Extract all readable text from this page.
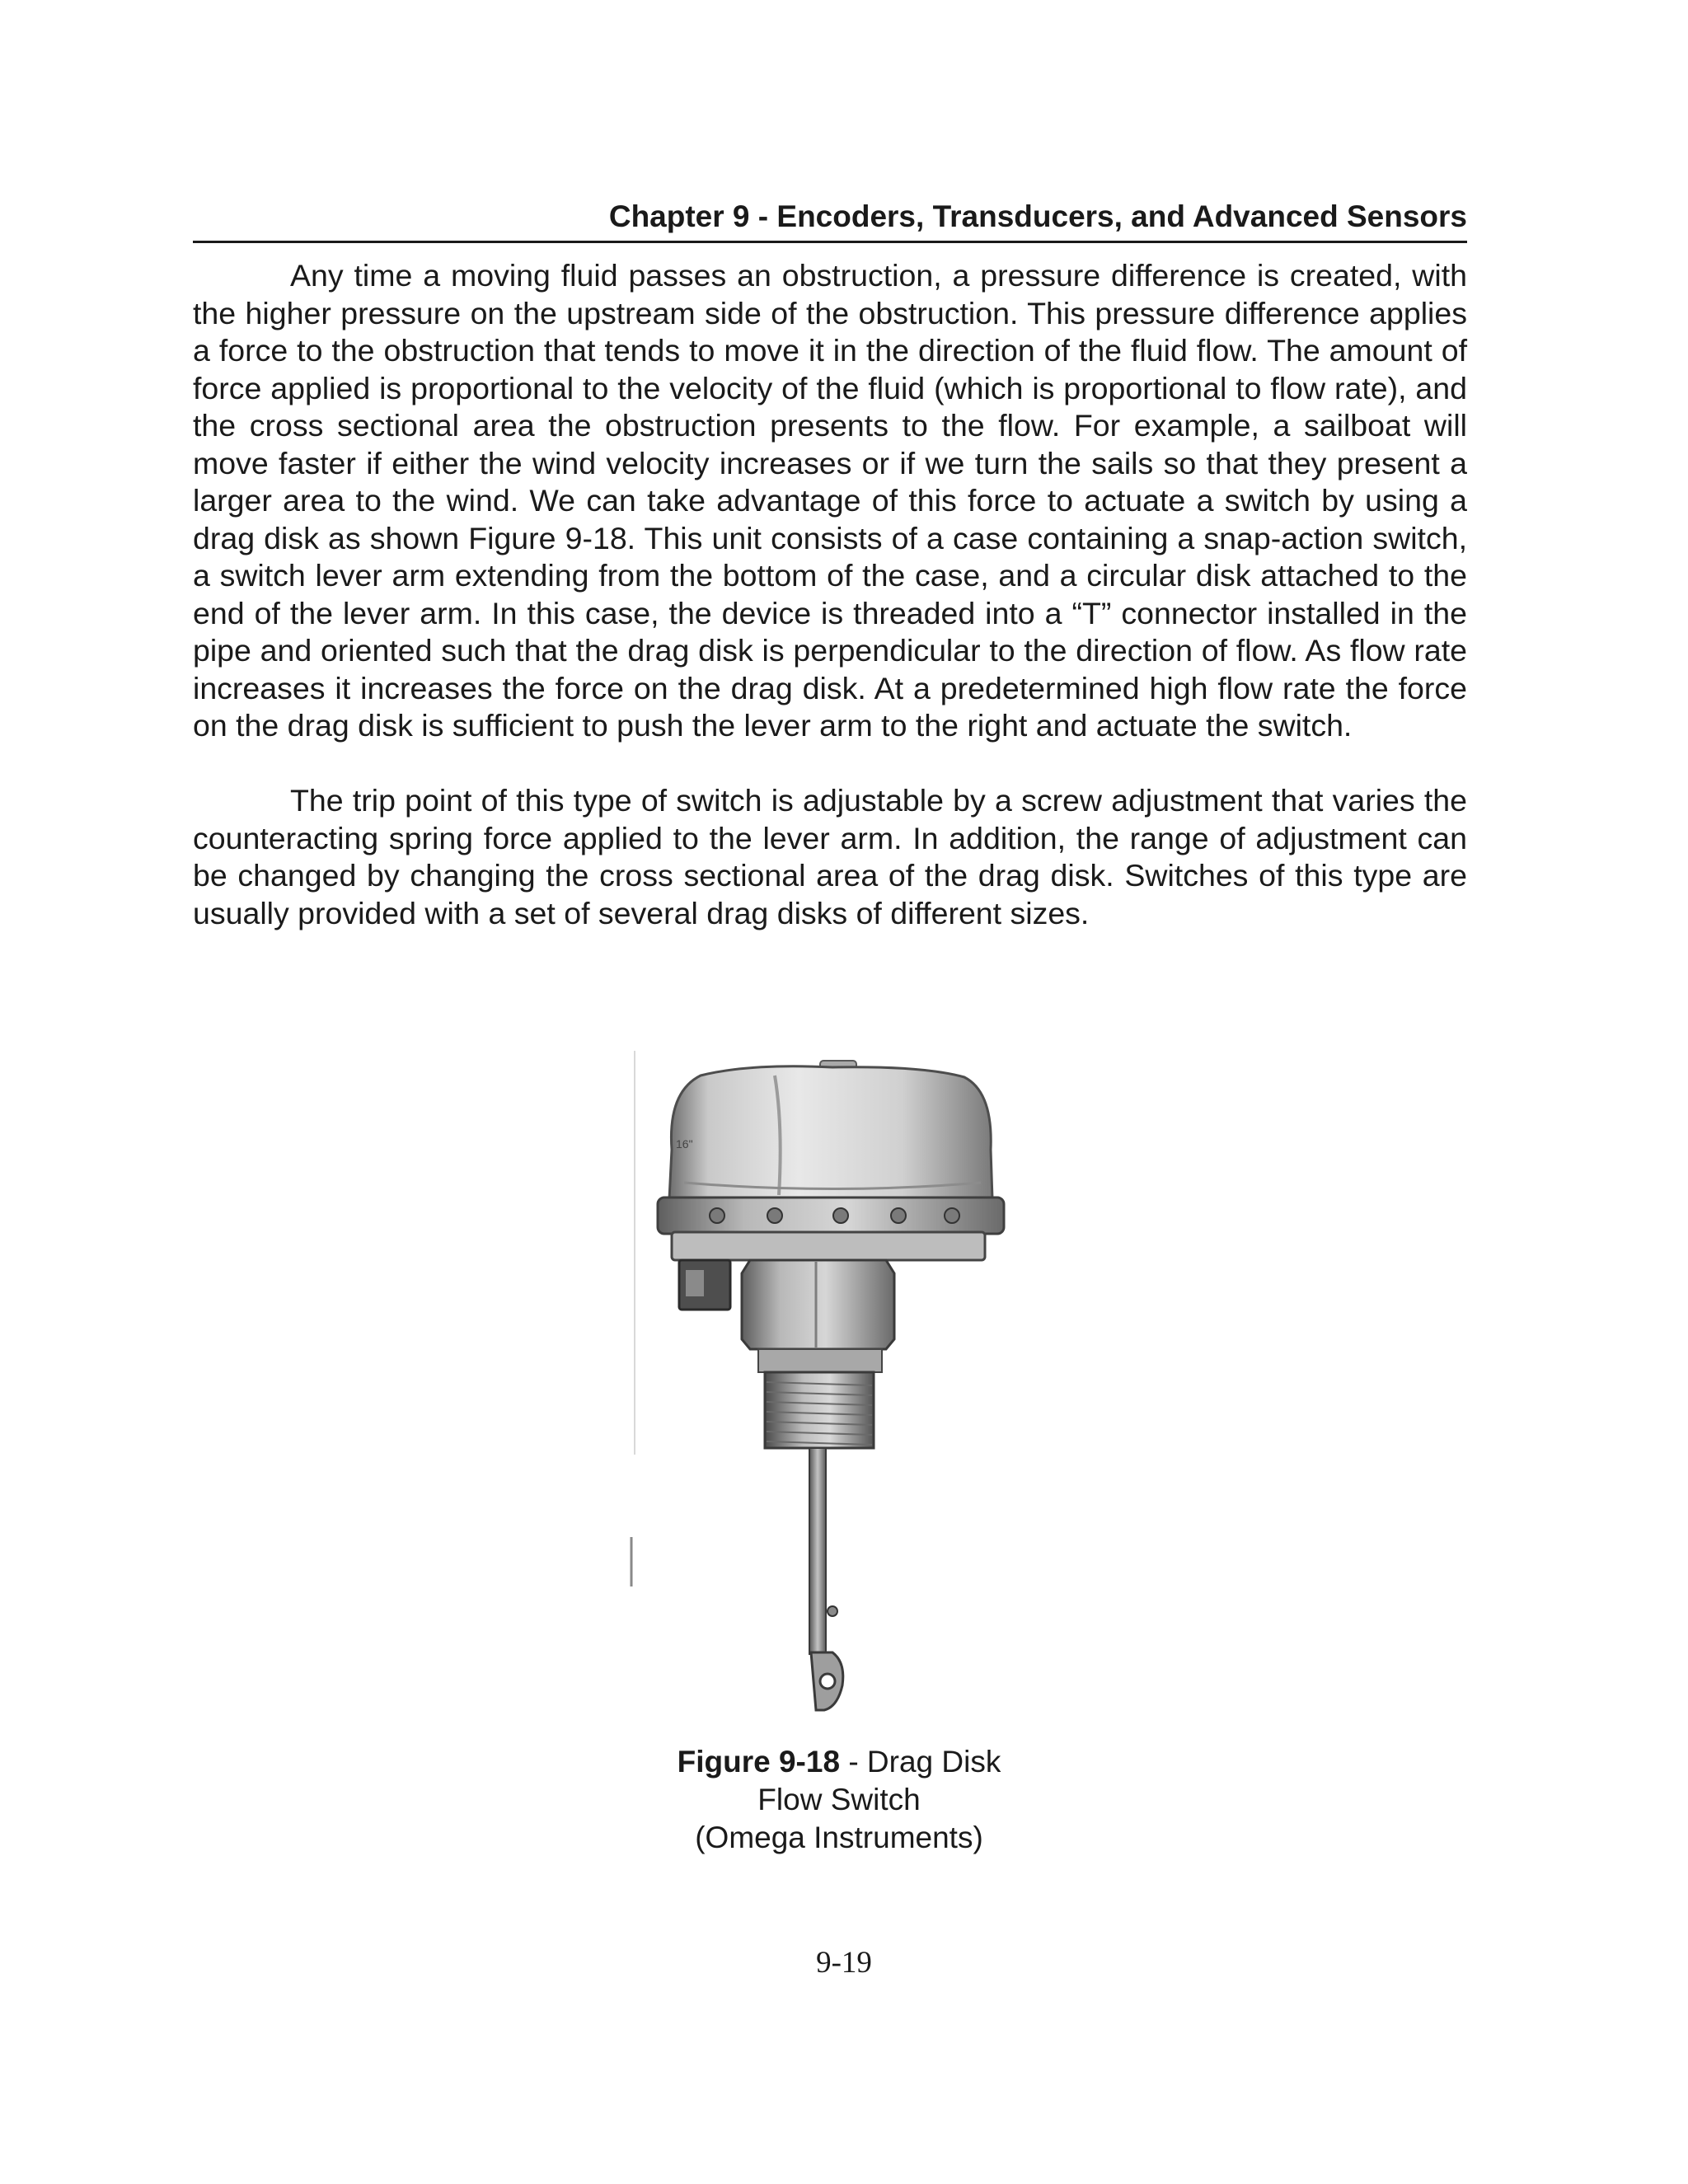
Chapter 9 - Encoders, Transducers, and Advanced Sensors

Any time a moving fluid passes an obstruction, a pressure difference is created, with the higher pressure on the upstream side of the obstruction. This pressure difference applies a force to the obstruction that tends to move it in the direction of the fluid flow. The amount of force applied is proportional to the velocity of the fluid (which is proportional to flow rate), and the cross sectional area the obstruction presents to the flow. For example, a sailboat will move faster if either the wind velocity increases or if we turn the sails so that they present a larger area to the wind. We can take advantage of this force to actuate a switch by using a drag disk as shown Figure 9-18. This unit consists of a case containing a snap-action switch, a switch lever arm extending from the bottom of the case, and a circular disk attached to the end of the lever arm. In this case, the device is threaded into a “T” connector installed in the pipe and oriented such that the drag disk is perpendicular to the direction of flow. As flow rate increases it increases the force on the drag disk. At a predetermined high flow rate the force on the drag disk is sufficient to push the lever arm to the right and actuate the switch.

The trip point of this type of switch is adjustable by a screw adjustment that varies the counteracting spring force applied to the lever arm. In addition, the range of adjustment can be changed by changing the cross sectional area of the drag disk. Switches of this type are usually provided with a set of several drag disks of different sizes.

16"
Figure 9-18 - Drag Disk
Flow Switch
(Omega Instruments)
9-19
